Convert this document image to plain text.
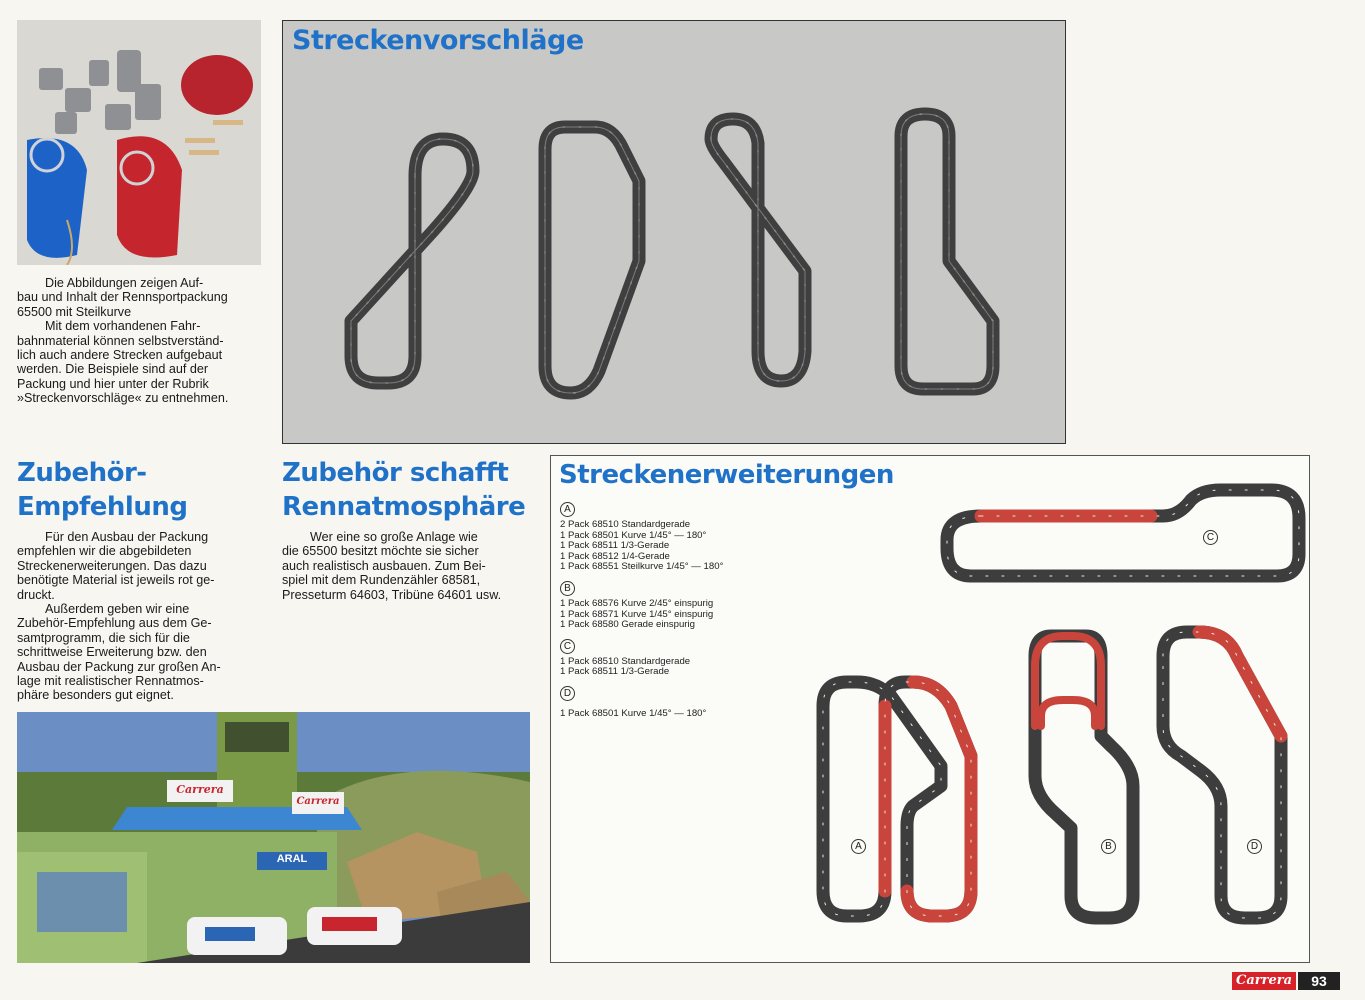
Die Abbildungen zeigen Auf-

bau und Inhalt der Rennsportpackung

65500 mit Steilkurve

Mit dem vorhandenen Fahr-

bahnmaterial können selbstverständ-

lich auch andere Strecken aufgebaut

werden. Die Beispiele sind auf der

Packung und hier unter der Rubrik

»Streckenvorschläge« zu entnehmen.

Streckenvorschläge
Zubehör-
Empfehlung

Für den Ausbau der Packung

empfehlen wir die abgebildeten

Streckenerweiterungen. Das dazu

benötigte Material ist jeweils rot ge-

druckt.

Außerdem geben wir eine

Zubehör-Empfehlung aus dem Ge-

samtprogramm, die sich für die

schrittweise Erweiterung bzw. den

Ausbau der Packung zur großen An-

lage mit realistischer Rennatmos-

phäre besonders gut eignet.

Zubehör schafft
Rennatmosphäre

Wer eine so große Anlage wie

die 65500 besitzt möchte sie sicher

auch realistisch ausbauen. Zum Bei-

spiel mit dem Rundenzähler 68581,

Presseturm 64603, Tribüne 64601 usw.

Carrera
Carrera
ARAL
Streckenerweiterungen
A
2 Pack 68510 Standardgerade
1 Pack 68501 Kurve 1/45° — 180°
1 Pack 68511 1/3-Gerade
1 Pack 68512 1/4-Gerade
1 Pack 68551 Steilkurve 1/45° — 180°
B
1 Pack 68576 Kurve 2/45° einspurig
1 Pack 68571 Kurve 1/45° einspurig
1 Pack 68580 Gerade einspurig
C
1 Pack 68510 Standardgerade
1 Pack 68511 1/3-Gerade
D
1 Pack 68501 Kurve 1/45° — 180°
A	B
C
D
Carrera	93
